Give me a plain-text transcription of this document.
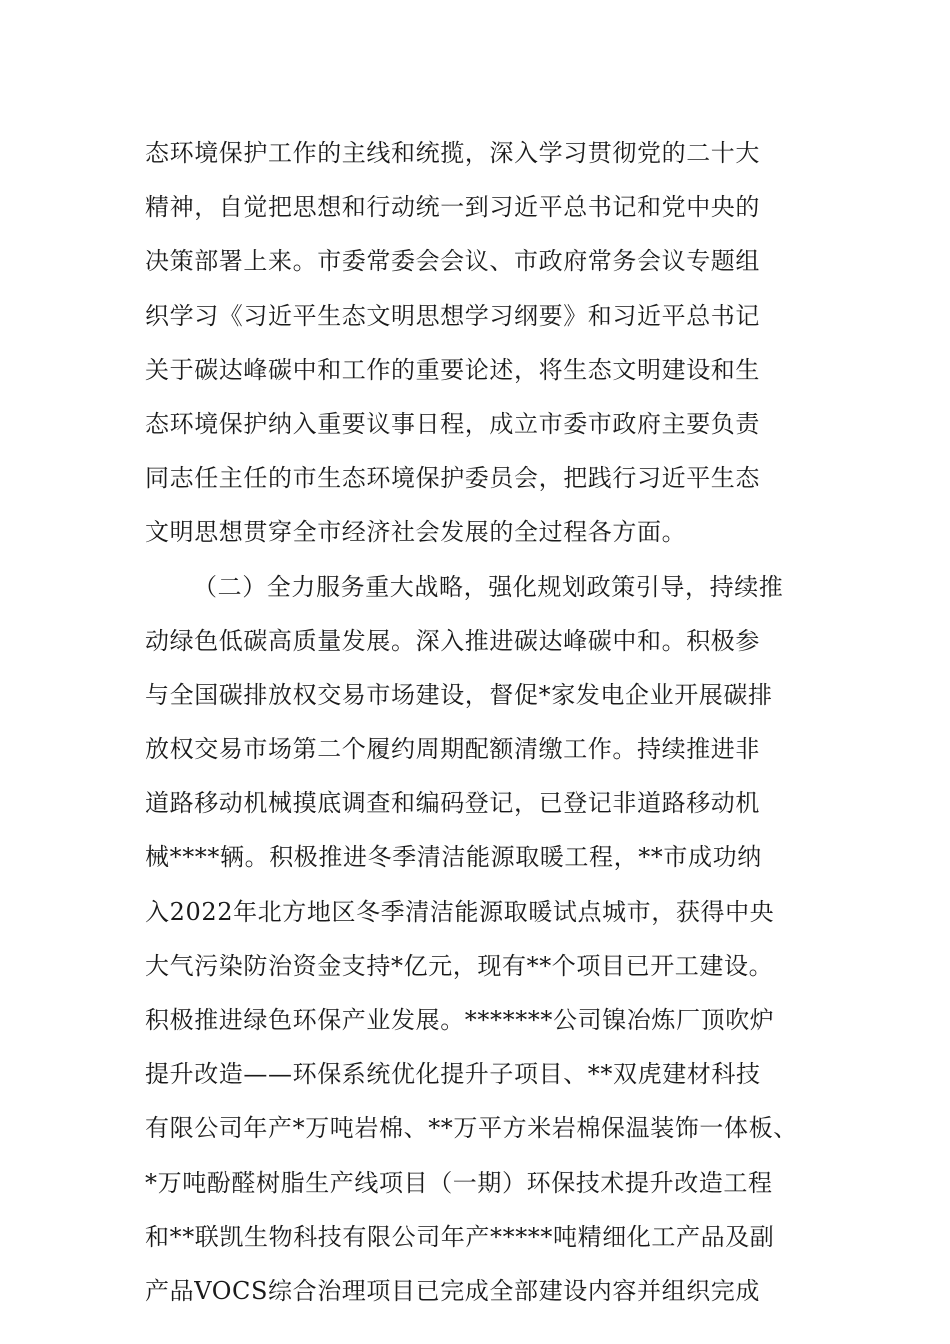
态环境保护工作的主线和统揽，深入学习贯彻党的二十大
精神，自觉把思想和行动统一到习近平总书记和党中央的
决策部署上来。市委常委会会议、市政府常务会议专题组
织学习《习近平生态文明思想学习纲要》和习近平总书记
关于碳达峰碳中和工作的重要论述，将生态文明建设和生
态环境保护纳入重要议事日程，成立市委市政府主要负责
同志任主任的市生态环境保护委员会，把践行习近平生态
文明思想贯穿全市经济社会发展的全过程各方面。
（二）全力服务重大战略，强化规划政策引导，持续推
动绿色低碳高质量发展。深入推进碳达峰碳中和。积极参
与全国碳排放权交易市场建设，督促*家发电企业开展碳排
放权交易市场第二个履约周期配额清缴工作。持续推进非
道路移动机械摸底调查和编码登记，已登记非道路移动机
械****辆。积极推进冬季清洁能源取暖工程，**市成功纳
入2022年北方地区冬季清洁能源取暖试点城市，获得中央
大气污染防治资金支持*亿元，现有**个项目已开工建设。
积极推进绿色环保产业发展。*******公司镍冶炼厂顶吹炉
提升改造——环保系统优化提升子项目、**双虎建材科技
有限公司年产*万吨岩棉、**万平方米岩棉保温装饰一体板、
*万吨酚醛树脂生产线项目（一期）环保技术提升改造工程
和**联凯生物科技有限公司年产*****吨精细化工产品及副
产品VOCS综合治理项目已完成全部建设内容并组织完成
